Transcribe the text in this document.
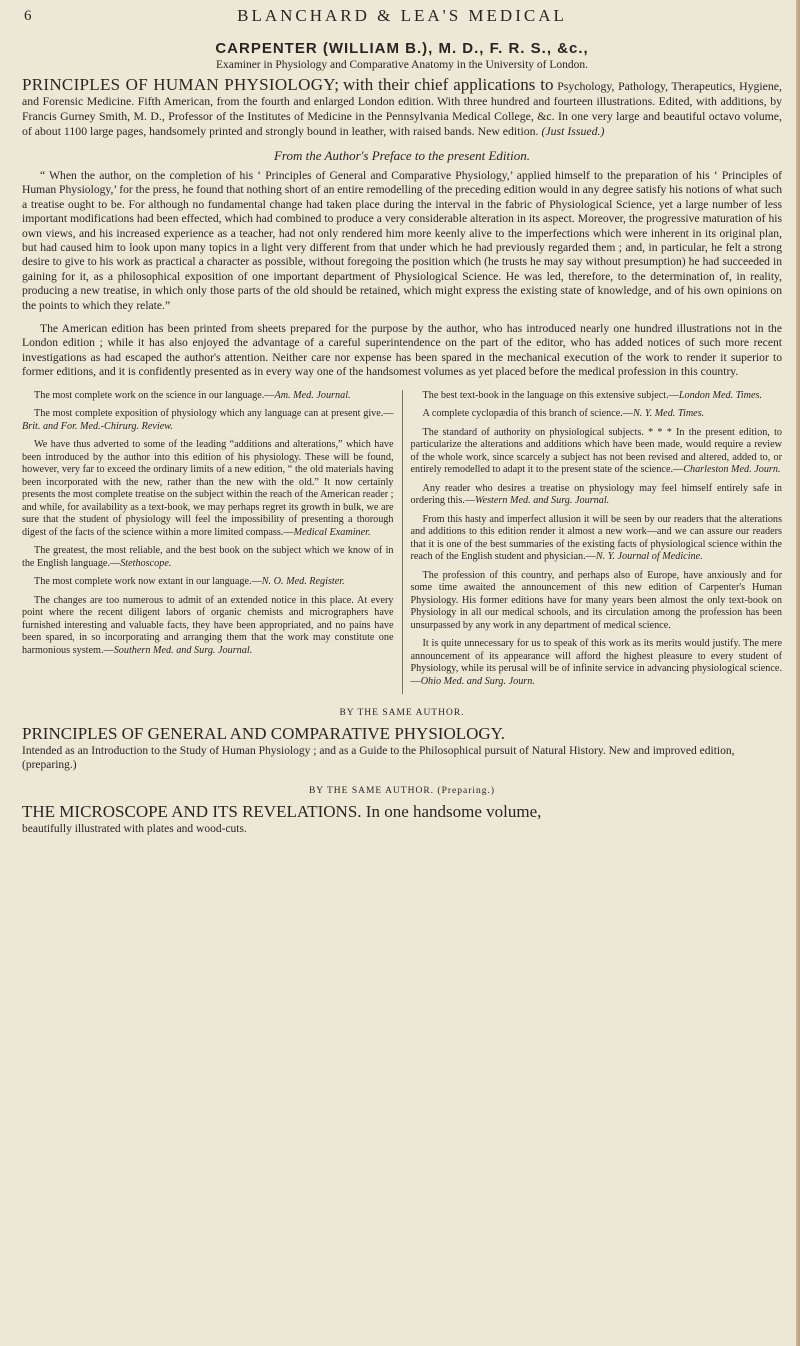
6	BLANCHARD & LEA'S MEDICAL
CARPENTER (WILLIAM B.), M. D., F. R. S., &c.,
Examiner in Physiology and Comparative Anatomy in the University of London.
PRINCIPLES OF HUMAN PHYSIOLOGY; with their chief applications to Psychology, Pathology, Therapeutics, Hygiene, and Forensic Medicine. Fifth American, from the fourth and enlarged London edition. With three hundred and fourteen illustrations. Edited, with additions, by Francis Gurney Smith, M. D., Professor of the Institutes of Medicine in the Pennsylvania Medical College, &c. In one very large and beautiful octavo volume, of about 1100 large pages, handsomely printed and strongly bound in leather, with raised bands. New edition. (Just Issued.)
From the Author's Preface to the present Edition.
“ When the author, on the completion of his ‘ Principles of General and Comparative Physiology,’ applied himself to the preparation of his ‘ Principles of Human Physiology,’ for the press, he found that nothing short of an entire remodelling of the preceding edition would in any degree satisfy his notions of what such a treatise ought to be. For although no fundamental change had taken place during the interval in the fabric of Physiological Science, yet a large number of less important modifications had been effected, which had combined to produce a very considerable alteration in its aspect. Moreover, the progressive maturation of his own views, and his increased experience as a teacher, had not only rendered him more keenly alive to the imperfections which were inherent in its original plan, but had caused him to look upon many topics in a light very different from that under which he had previously regarded them ; and, in particular, he felt a strong desire to give to his work as practical a character as possible, without foregoing the position which (he trusts he may say without presumption) he had succeeded in gaining for it, as a philosophical exposition of one important department of Physiological Science. He was led, therefore, to the determination of, in reality, producing a new treatise, in which only those parts of the old should be retained, which might express the existing state of knowledge, and of his own opinions on the points to which they relate.”
The American edition has been printed from sheets prepared for the purpose by the author, who has introduced nearly one hundred illustrations not in the London edition ; while it has also enjoyed the advantage of a careful superintendence on the part of the editor, who has added notices of such more recent investigations as had escaped the author's attention. Neither care nor expense has been spared in the mechanical execution of the work to render it superior to former editions, and it is confidently presented as in every way one of the handsomest volumes as yet placed before the medical profession in this country.

The most complete work on the science in our language.—Am. Med. Journal.

The most complete exposition of physiology which any language can at present give.—Brit. and For. Med.-Chirurg. Review.

We have thus adverted to some of the leading “additions and alterations,” which have been introduced by the author into this edition of his physiology. These will be found, however, very far to exceed the ordinary limits of a new edition, “ the old materials having been incorporated with the new, rather than the new with the old.” It now certainly presents the most complete treatise on the subject within the reach of the American reader ; and while, for availability as a text-book, we may perhaps regret its growth in bulk, we are sure that the student of physiology will feel the impossibility of presenting a thorough digest of the facts of the science within a more limited compass.—Medical Examiner.

The greatest, the most reliable, and the best book on the subject which we know of in the English language.—Stethoscope.

The most complete work now extant in our language.—N. O. Med. Register.

The changes are too numerous to admit of an extended notice in this place. At every point where the recent diligent labors of organic chemists and micrographers have furnished interesting and valuable facts, they have been appropriated, and no pains have been spared, in so incorporating and arranging them that the work may constitute one harmonious system.—Southern Med. and Surg. Journal.

The best text-book in the language on this extensive subject.—London Med. Times.

A complete cyclopædia of this branch of science.—N. Y. Med. Times.

The standard of authority on physiological subjects. * * * In the present edition, to particularize the alterations and additions which have been made, would require a review of the whole work, since scarcely a subject has not been revised and altered, added to, or entirely remodelled to adapt it to the present state of the science.—Charleston Med. Journ.

Any reader who desires a treatise on physiology may feel himself entirely safe in ordering this.—Western Med. and Surg. Journal.

From this hasty and imperfect allusion it will be seen by our readers that the alterations and additions to this edition render it almost a new work—and we can assure our readers that it is one of the best summaries of the existing facts of physiological science within the reach of the English student and physician.—N. Y. Journal of Medicine.

The profession of this country, and perhaps also of Europe, have anxiously and for some time awaited the announcement of this new edition of Carpenter's Human Physiology. His former editions have for many years been almost the only text-book on Physiology in all our medical schools, and its circulation among the profession has been unsurpassed by any work in any department of medical science.

It is quite unnecessary for us to speak of this work as its merits would justify. The mere announcement of its appearance will afford the highest pleasure to every student of Physiology, while its perusal will be of infinite service in advancing physiological science.—Ohio Med. and Surg. Journ.

BY THE SAME AUTHOR.
PRINCIPLES OF GENERAL AND COMPARATIVE PHYSIOLOGY.
Intended as an Introduction to the Study of Human Physiology ; and as a Guide to the Philosophical pursuit of Natural History. New and improved edition, (preparing.)
BY THE SAME AUTHOR. (Preparing.)
THE MICROSCOPE AND ITS REVELATIONS. In one handsome volume,
beautifully illustrated with plates and wood-cuts.
